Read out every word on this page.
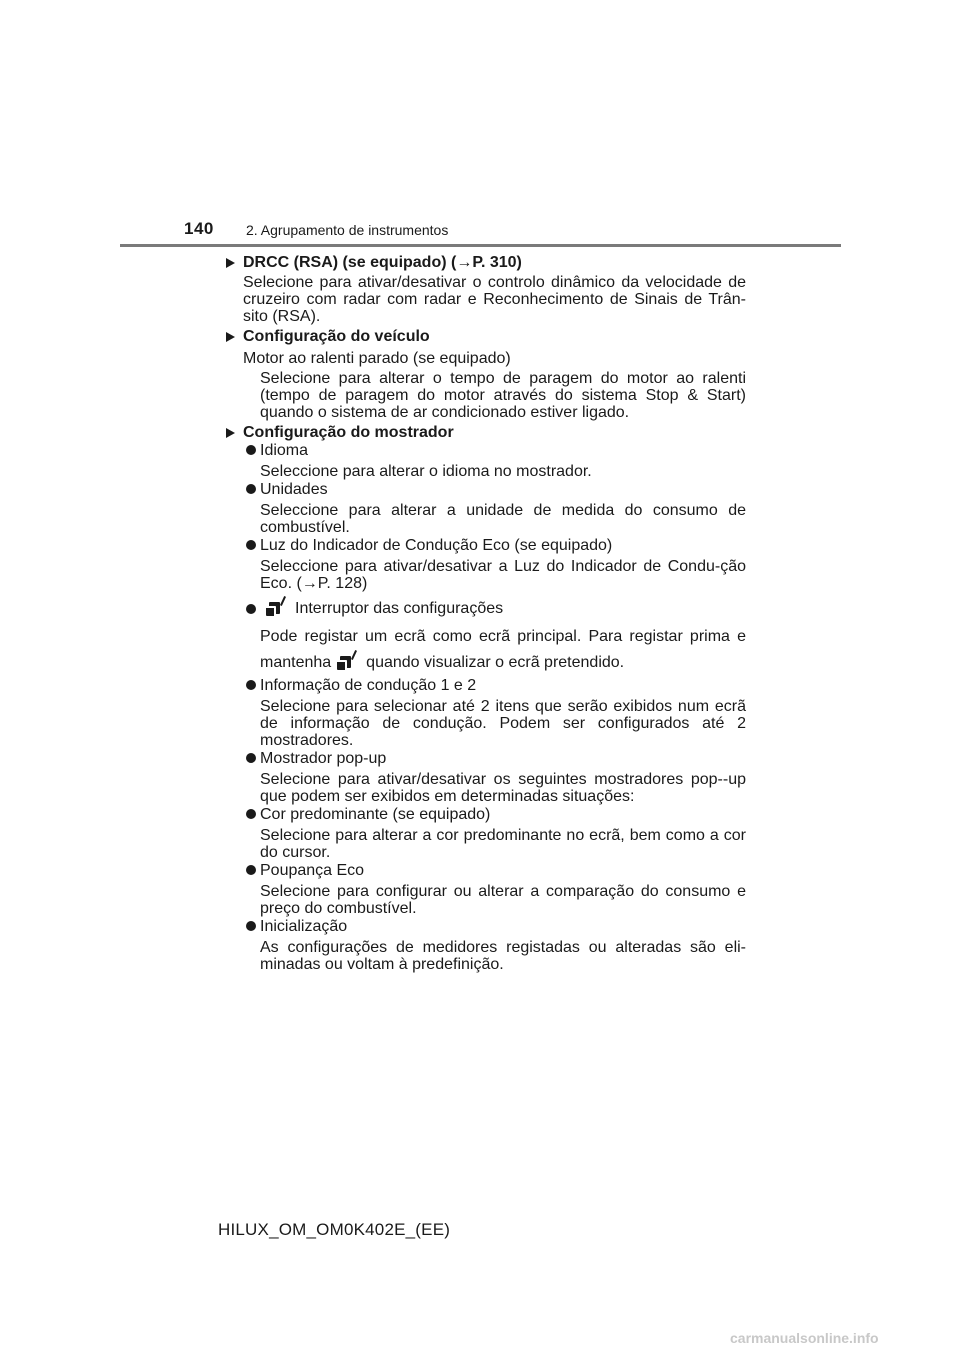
140 2. Agrupamento de instrumentos
DRCC (RSA) (se equipado) (→P. 310)
Selecione para ativar/desativar o controlo dinâmico da velocidade de cruzeiro com radar com radar e Reconhecimento de Sinais de Trân-sito (RSA).
Configuração do veículo
Motor ao ralenti parado (se equipado)
Selecione para alterar o tempo de paragem do motor ao ralenti (tempo de paragem do motor através do sistema Stop & Start) quando o sistema de ar condicionado estiver ligado.
Configuração do mostrador
Idioma
Seleccione para alterar o idioma no mostrador.
Unidades
Seleccione para alterar a unidade de medida do consumo de combustível.
Luz do Indicador de Condução Eco (se equipado)
Seleccione para ativar/desativar a Luz do Indicador de Condu-ção Eco. (→P. 128)
Interruptor das configurações
Pode registar um ecrã como ecrã principal. Para registar prima e mantenha quando visualizar o ecrã pretendido.
Informação de condução 1 e 2
Selecione para selecionar até 2 itens que serão exibidos num ecrã de informação de condução. Podem ser configurados até 2 mostradores.
Mostrador pop-up
Selecione para ativar/desativar os seguintes mostradores pop--up que podem ser exibidos em determinadas situações:
Cor predominante (se equipado)
Selecione para alterar a cor predominante no ecrã, bem como a cor do cursor.
Poupança Eco
Selecione para configurar ou alterar a comparação do consumo e preço do combustível.
Inicialização
As configurações de medidores registadas ou alteradas são eli-minadas ou voltam à predefinição.
HILUX_OM_OM0K402E_(EE)
carmanualsonline.info
